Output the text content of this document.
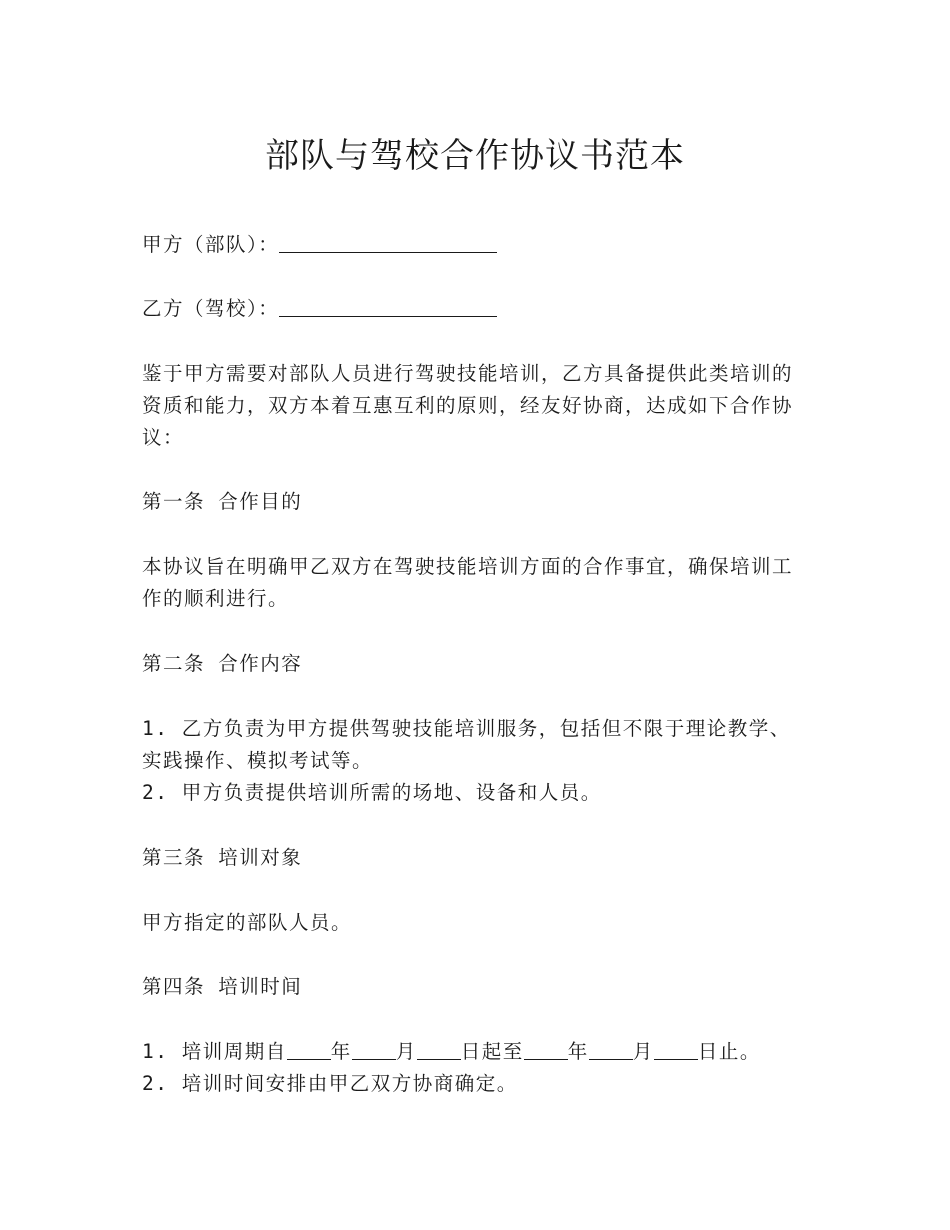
部队与驾校合作协议书范本
甲方（部队）：
乙方（驾校）：
鉴于甲方需要对部队人员进行驾驶技能培训，乙方具备提供此类培训的资质和能力，双方本着互惠互利的原则，经友好协商，达成如下合作协议：
第一条 合作目的
本协议旨在明确甲乙双方在驾驶技能培训方面的合作事宜，确保培训工作的顺利进行。
第二条 合作内容
1. 乙方负责为甲方提供驾驶技能培训服务，包括但不限于理论教学、实践操作、模拟考试等。
2. 甲方负责提供培训所需的场地、设备和人员。
第三条 培训对象
甲方指定的部队人员。
第四条 培训时间
1. 培训周期自 年 月 日起至 年 月 日止。
2. 培训时间安排由甲乙双方协商确定。
